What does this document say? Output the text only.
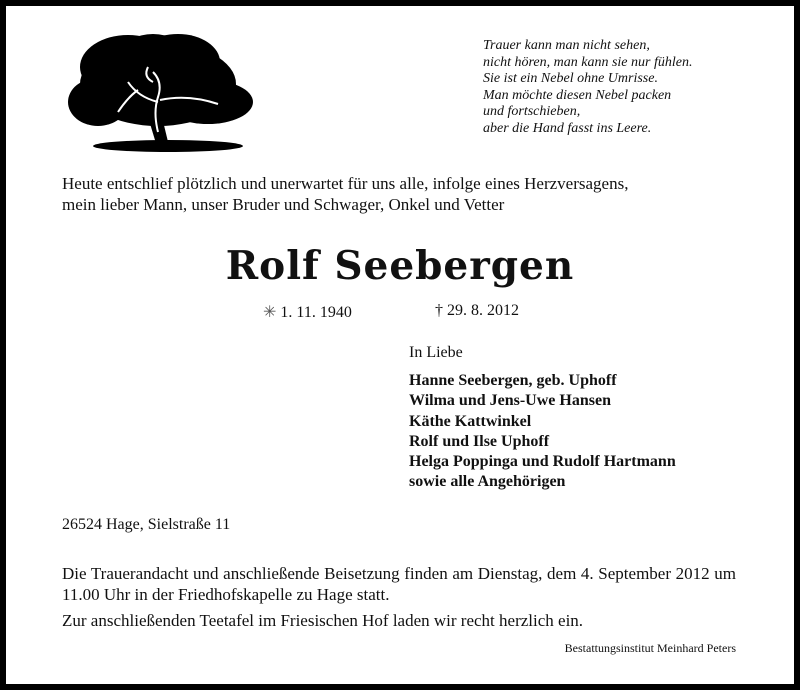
Trauer kann man nicht sehen,
nicht hören, man kann sie nur fühlen.
Sie ist ein Nebel ohne Umrisse.
Man möchte diesen Nebel packen
und fortschieben,
aber die Hand fasst ins Leere.
Heute entschlief plötzlich und unerwartet für uns alle, infolge eines Herzversagens,
mein lieber Mann, unser Bruder und Schwager, Onkel und Vetter
Rolf Seebergen
✳ 1. 11. 1940	† 29. 8. 2012
In Liebe
Hanne Seebergen, geb. Uphoff
Wilma und Jens-Uwe Hansen
Käthe Kattwinkel
Rolf und Ilse Uphoff
Helga Poppinga und Rudolf Hartmann
sowie alle Angehörigen
26524 Hage, Sielstraße 11
Die Trauerandacht und anschließende Beisetzung finden am Dienstag, dem 4. September 2012 um 11.00 Uhr in der Friedhofskapelle zu Hage statt.
Zur anschließenden Teetafel im Friesischen Hof laden wir recht herzlich ein.
Bestattungsinstitut Meinhard Peters
